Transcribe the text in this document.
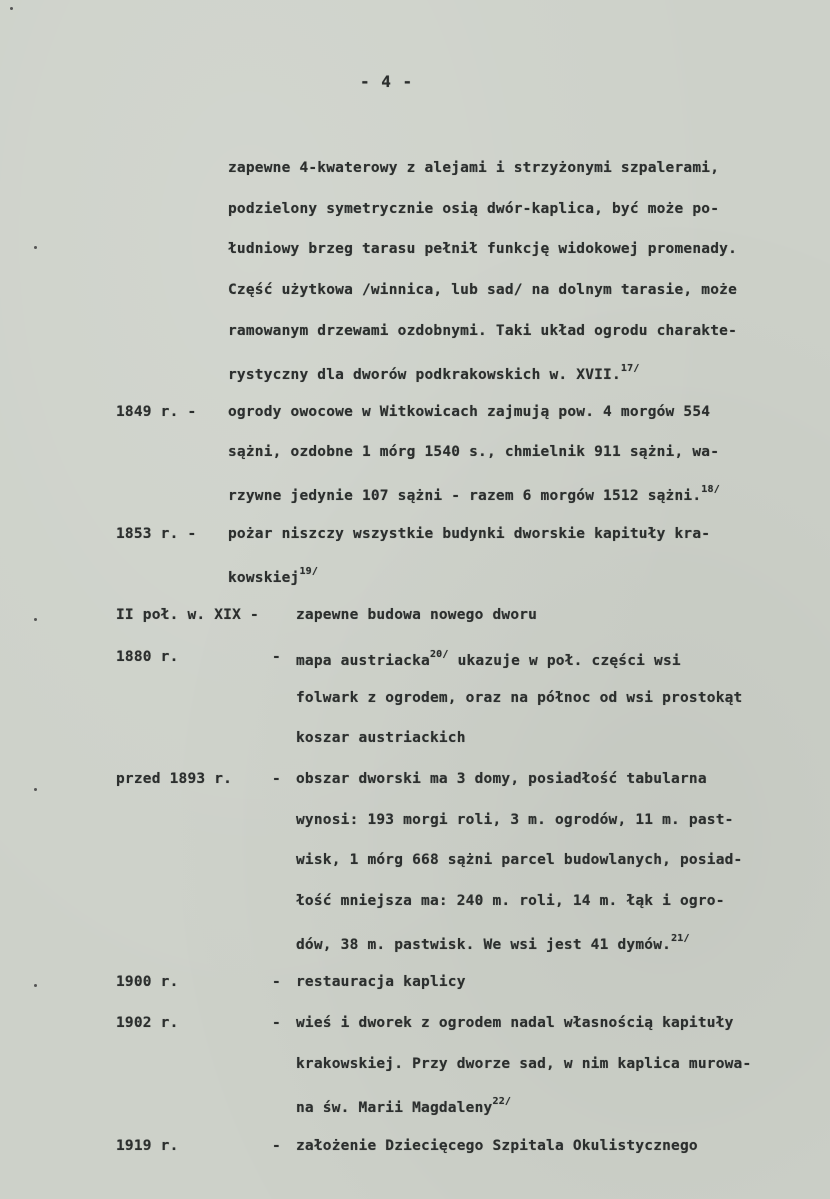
- 4 -
zapewne 4-kwaterowy z alejami i strzyżonymi szpalerami,
podzielony symetrycznie osią dwór-kaplica, być może po-
łudniowy brzeg tarasu pełnił funkcję widokowej promenady.
Część użytkowa /winnica, lub sad/ na dolnym tarasie, może
ramowanym drzewami ozdobnymi. Taki układ ogrodu charakte-
rystyczny dla dworów podkrakowskich w. XVII.$^{17/}$
1849 r. - ogrody owocowe w Witkowicach zajmują pow. 4 morgów 554
sążni, ozdobne 1 mórg 1540 s., chmielnik 911 sążni, wa-
rzywne jedynie 107 sążni - razem 6 morgów 1512 sążni.$^{18/}$
1853 r. - pożar niszczy wszystkie budynki dworskie kapituły kra-
kowskiej$^{19/}$
II poł. w. XIX -	zapewne budowa nowego dworu
1880 r.	- mapa austriacka$^{20/}$ ukazuje w poł. części wsi
folwark z ogrodem, oraz na północ od wsi prostokąt
koszar austriackich
przed 1893 r.	- obszar dworski ma 3 domy, posiadłość tabularna
wynosi: 193 morgi roli, 3 m. ogrodów, 11 m. past-
wisk, 1 mórg 668 sążni parcel budowlanych, posiad-
łość mniejsza ma: 240 m. roli, 14 m. łąk i ogro-
dów, 38 m. pastwisk. We wsi jest 41 dymów.$^{21/}$
1900 r.	- restauracja kaplicy
1902 r.	- wieś i dworek z ogrodem nadal własnością kapituły
krakowskiej. Przy dworze sad, w nim kaplica murowa-
na św. Marii Magdaleny$^{22/}$
1919 r.	- założenie Dziecięcego Szpitala Okulistycznego
